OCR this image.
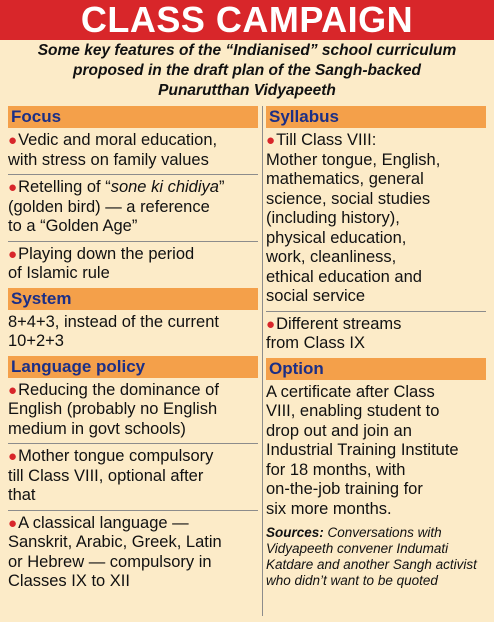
CLASS CAMPAIGN
Some key features of the “Indianised” school curriculum
proposed in the draft plan of the Sangh-backed
Punarutthan Vidyapeeth
Focus
●Vedic and moral education,
with stress on family values
●Retelling of “sone ki chidiya”
(golden bird) — a reference
to a “Golden Age”
●Playing down the period
of Islamic rule
System
8+4+3, instead of the current
10+2+3
Language policy
●Reducing the dominance of
English (probably no English
medium in govt schools)
●Mother tongue compulsory
till Class VIII, optional after
that
●A classical language —
Sanskrit, Arabic, Greek, Latin
or Hebrew — compulsory in
Classes IX to XII
Syllabus
●Till Class VIII:
Mother tongue, English,
mathematics, general
science, social studies
(including history),
physical education,
work, cleanliness,
ethical education and
social service
●Different streams
from Class IX
Option
A certificate after Class
VIII, enabling student to
drop out and join an
Industrial Training Institute
for 18 months, with
on-the-job training for
six more months.
Sources: Conversations with
Vidyapeeth convener Indumati
Katdare and another Sangh activist
who didn’t want to be quoted
